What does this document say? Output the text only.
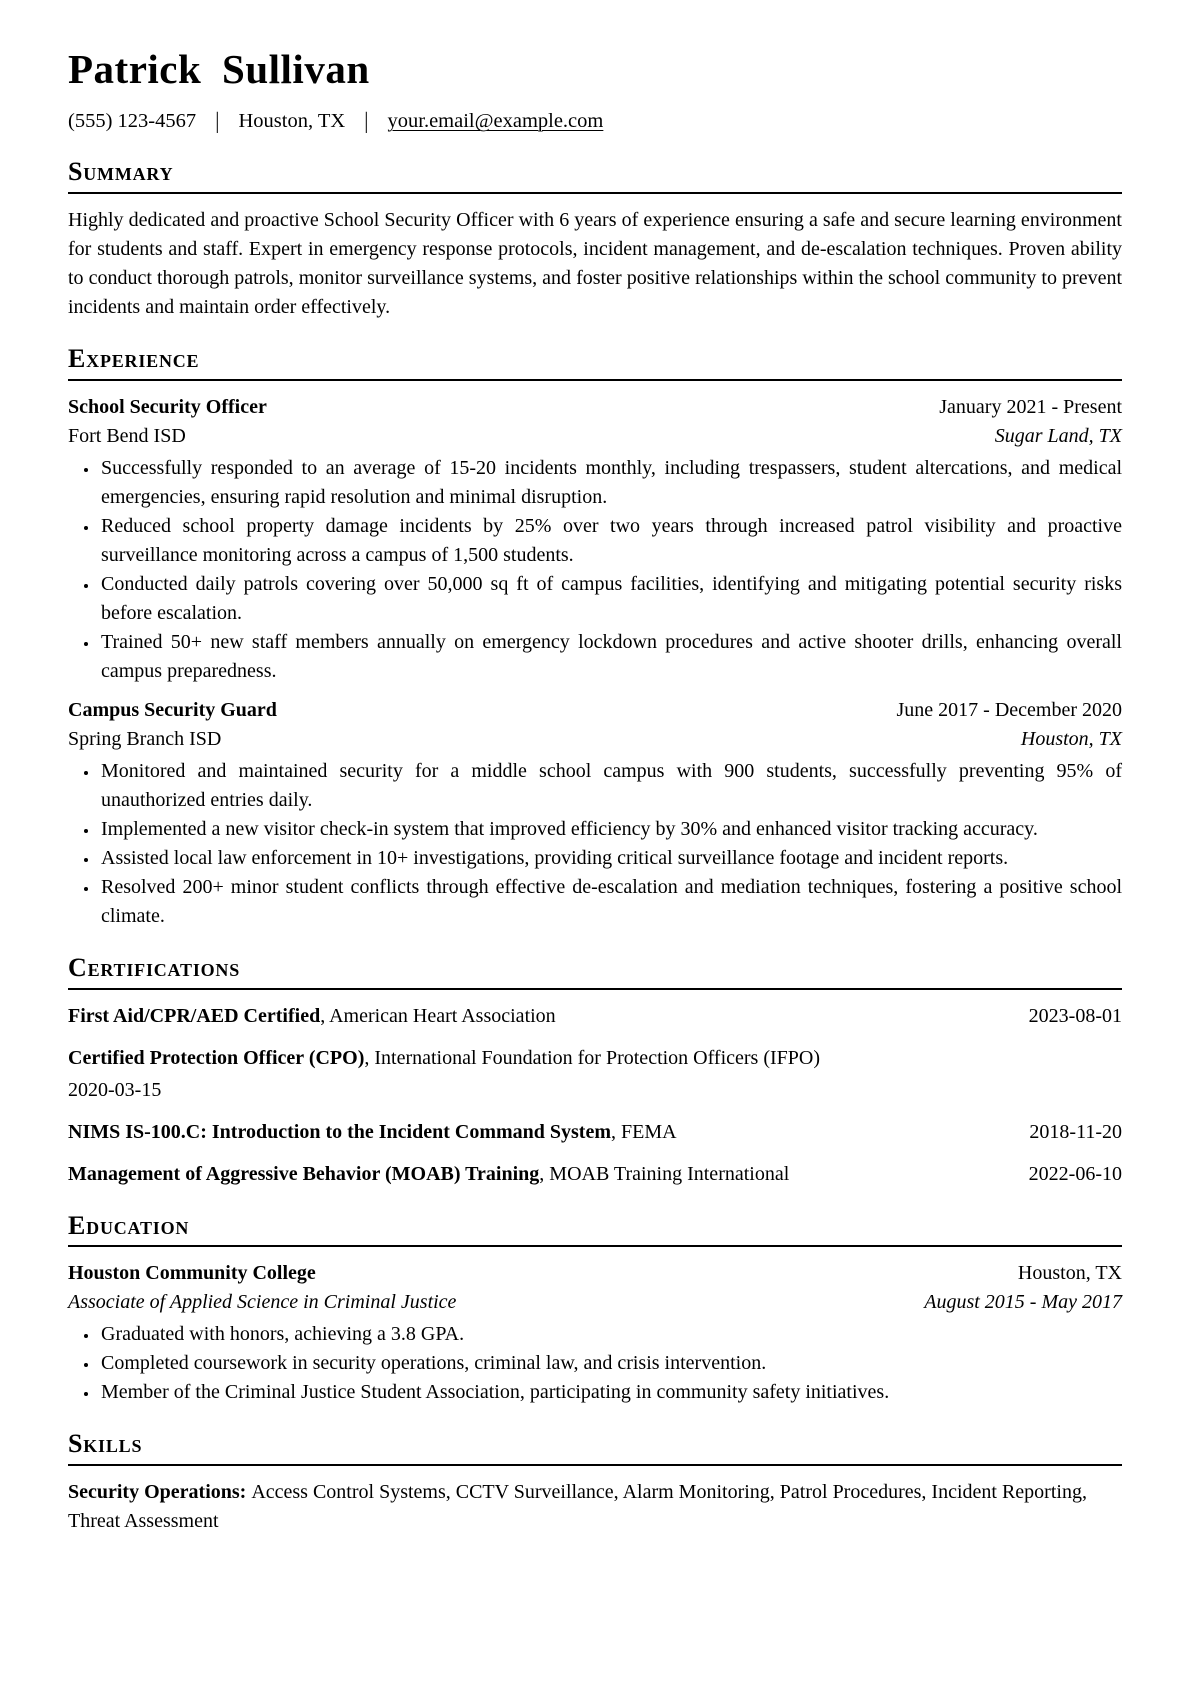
Patrick Sullivan
(555) 123-4567 | Houston, TX | your.email@example.com
Summary

Highly dedicated and proactive School Security Officer with 6 years of experience ensuring a safe and secure learning environment for students and staff. Expert in emergency response protocols, incident management, and de-escalation techniques. Proven ability to conduct thorough patrols, monitor surveillance systems, and foster positive relationships within the school community to prevent incidents and maintain order effectively.

Experience
School Security Officer	January 2021 - Present
Fort Bend ISD	Sugar Land, TX
• Successfully responded to an average of 15-20 incidents monthly, including trespassers, student altercations, and medical emergencies, ensuring rapid resolution and minimal disruption.
• Reduced school property damage incidents by 25% over two years through increased patrol visibility and proactive surveillance monitoring across a campus of 1,500 students.
• Conducted daily patrols covering over 50,000 sq ft of campus facilities, identifying and mitigating potential security risks before escalation.
• Trained 50+ new staff members annually on emergency lockdown procedures and active shooter drills, enhancing overall campus preparedness.
Campus Security Guard	June 2017 - December 2020
Spring Branch ISD	Houston, TX
• Monitored and maintained security for a middle school campus with 900 students, successfully preventing 95% of unauthorized entries daily.
• Implemented a new visitor check-in system that improved efficiency by 30% and enhanced visitor tracking accuracy.
• Assisted local law enforcement in 10+ investigations, providing critical surveillance footage and incident reports.
• Resolved 200+ minor student conflicts through effective de-escalation and mediation techniques, fostering a positive school climate.
Certifications
First Aid/CPR/AED Certified, American Heart Association	2023-08-01
Certified Protection Officer (CPO), International Foundation for Protection Officers (IFPO)
2020-03-15
NIMS IS-100.C: Introduction to the Incident Command System, FEMA	2018-11-20
Management of Aggressive Behavior (MOAB) Training, MOAB Training International	2022-06-10
Education
Houston Community College	Houston, TX
Associate of Applied Science in Criminal Justice	August 2015 - May 2017
• Graduated with honors, achieving a 3.8 GPA.
• Completed coursework in security operations, criminal law, and crisis intervention.
• Member of the Criminal Justice Student Association, participating in community safety initiatives.
Skills

Security Operations: Access Control Systems, CCTV Surveillance, Alarm Monitoring, Patrol Procedures, Incident Reporting, Threat Assessment
